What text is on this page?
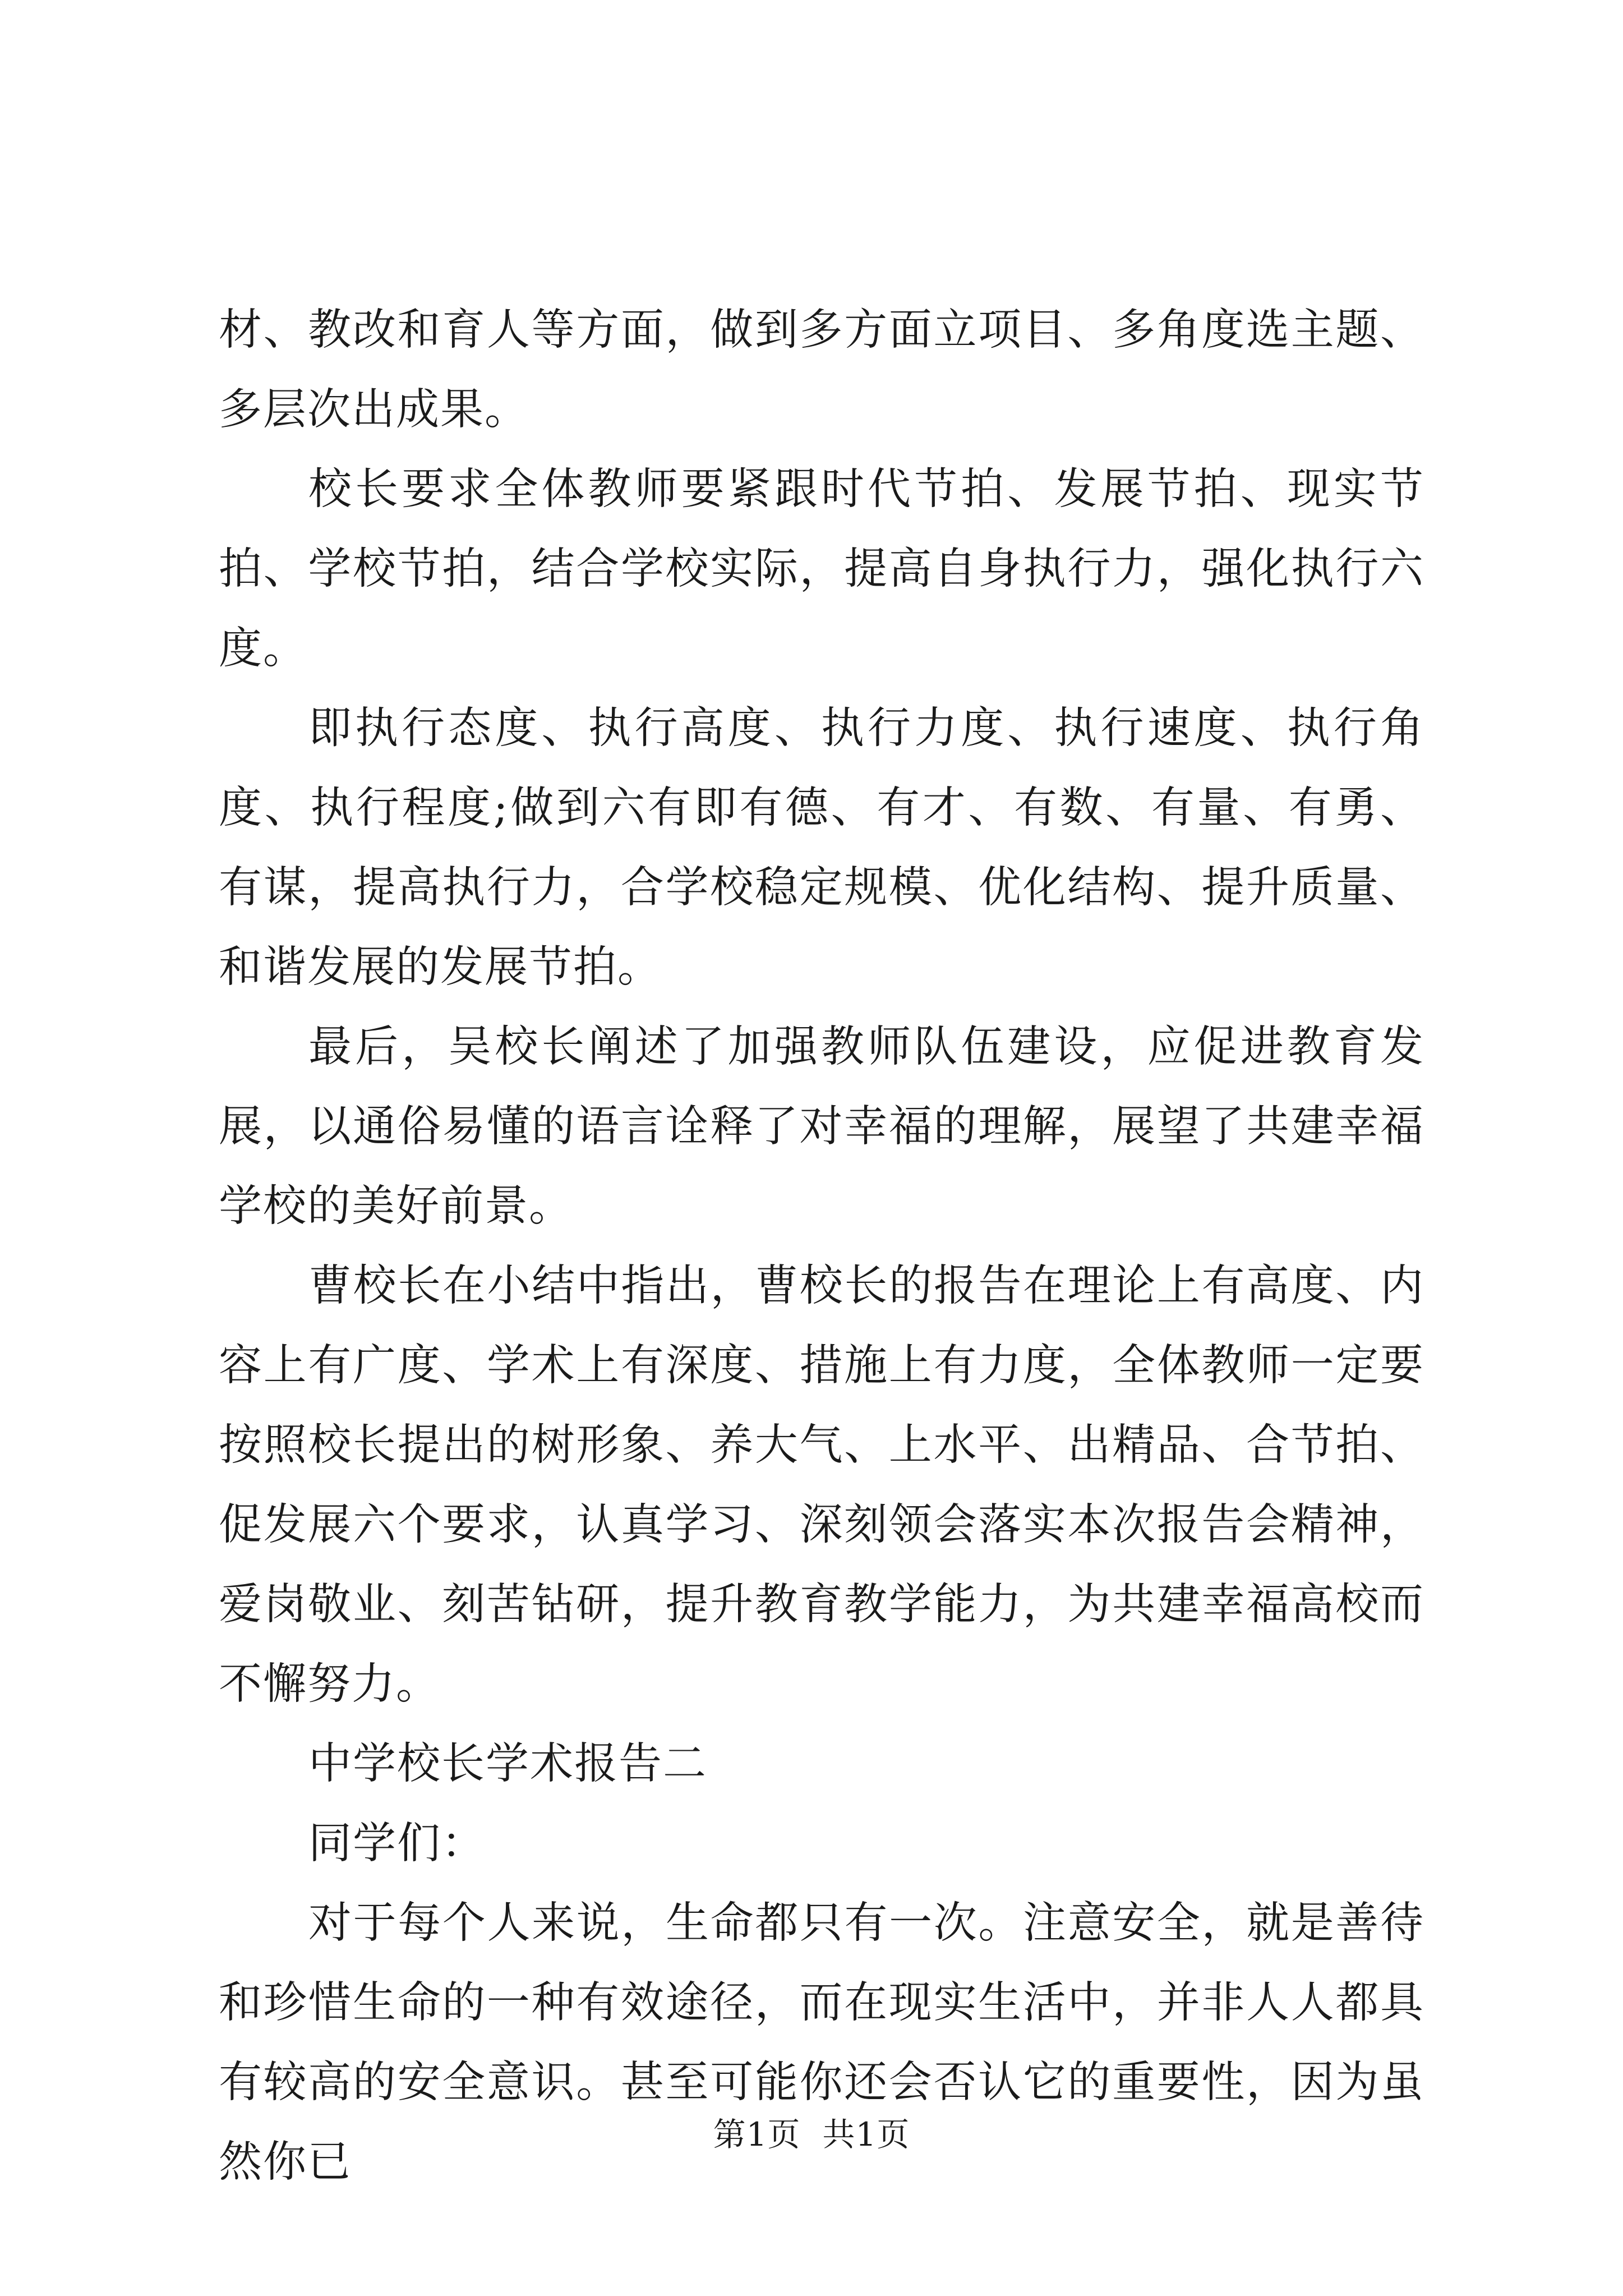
材、教改和育人等方面，做到多方面立项目、多角度选主题、多层次出成果。

校长要求全体教师要紧跟时代节拍、发展节拍、现实节拍、学校节拍，结合学校实际，提高自身执行力，强化执行六度。

即执行态度、执行高度、执行力度、执行速度、执行角度、执行程度;做到六有即有德、有才、有数、有量、有勇、有谋，提高执行力，合学校稳定规模、优化结构、提升质量、和谐发展的发展节拍。

最后，吴校长阐述了加强教师队伍建设，应促进教育发展，以通俗易懂的语言诠释了对幸福的理解，展望了共建幸福学校的美好前景。

曹校长在小结中指出，曹校长的报告在理论上有高度、内容上有广度、学术上有深度、措施上有力度，全体教师一定要按照校长提出的树形象、养大气、上水平、出精品、合节拍、促发展六个要求，认真学习、深刻领会落实本次报告会精神，爱岗敬业、刻苦钻研，提升教育教学能力，为共建幸福高校而不懈努力。

中学校长学术报告二

同学们：

对于每个人来说，生命都只有一次。注意安全，就是善待和珍惜生命的一种有效途径，而在现实生活中，并非人人都具有较高的安全意识。甚至可能你还会否认它的重要性，因为虽然你已

第1页 共1页
